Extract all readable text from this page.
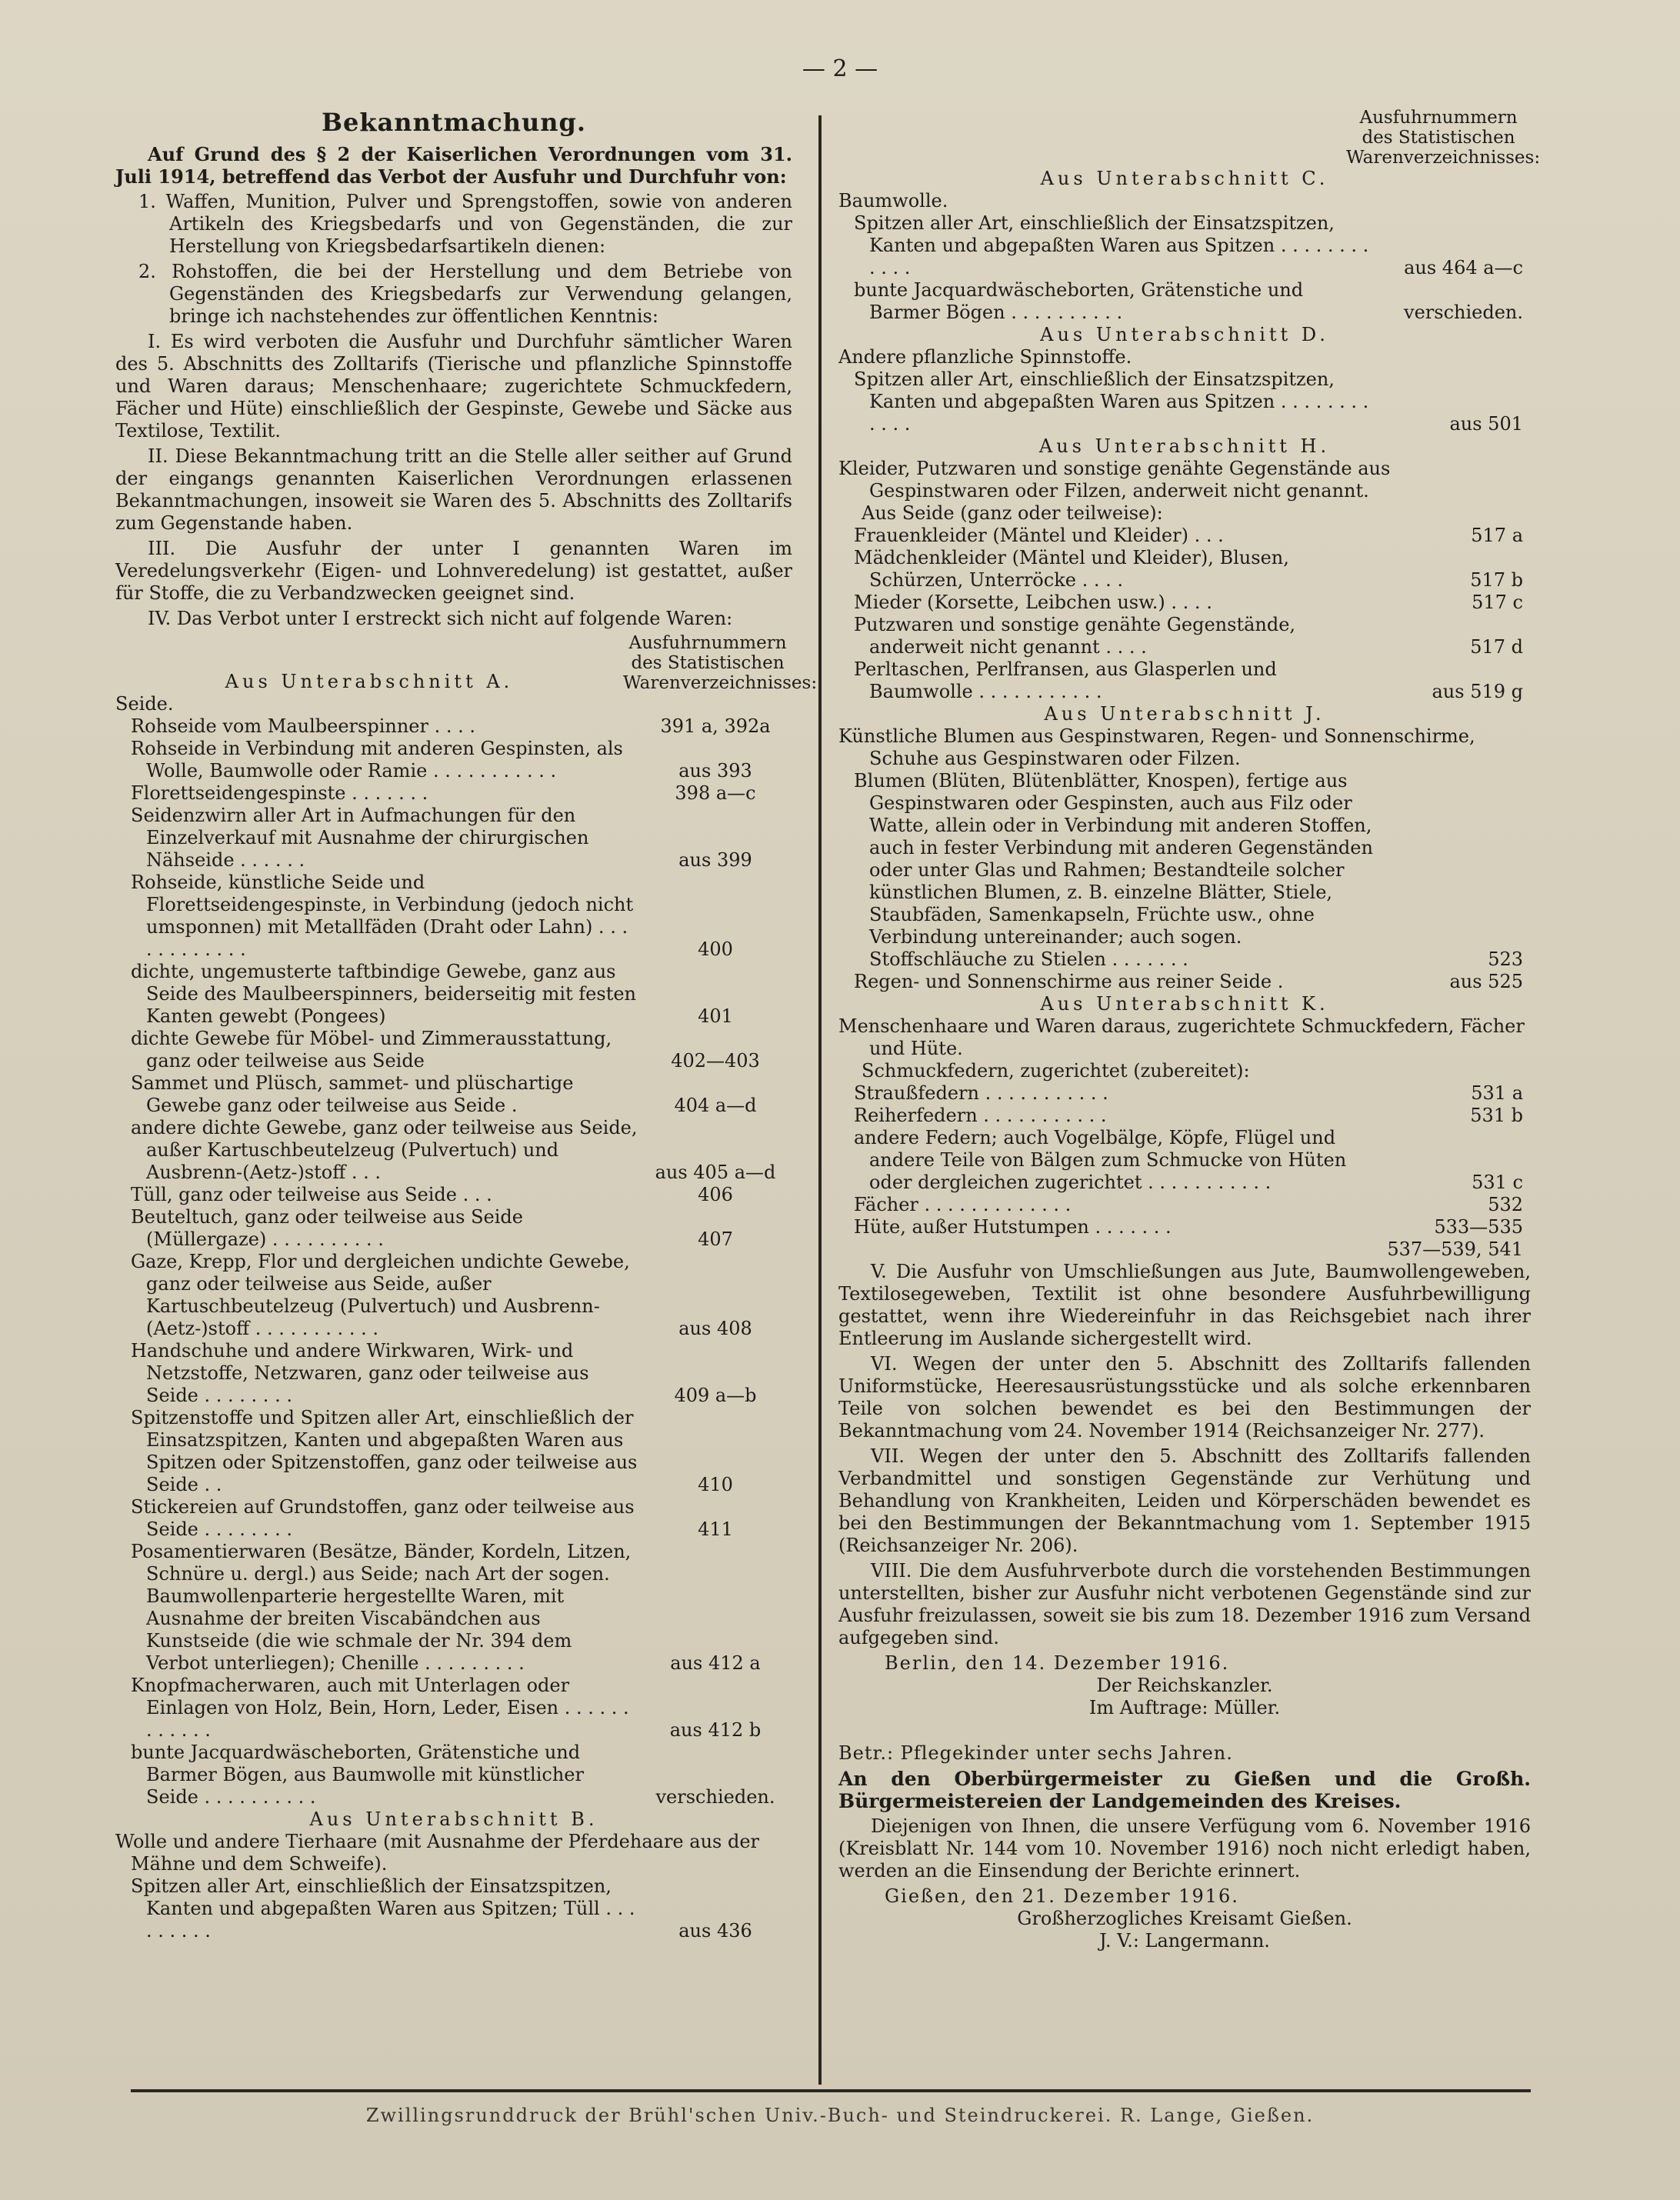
— 2 —
Bekanntmachung.

Auf Grund des § 2 der Kaiserlichen Verordnungen vom 31. Juli 1914, betreffend das Verbot der Ausfuhr und Durchfuhr von:

1. Waffen, Munition, Pulver und Sprengstoffen, sowie von anderen Artikeln des Kriegsbedarfs und von Gegenständen, die zur Herstellung von Kriegsbedarfsartikeln dienen:

2. Rohstoffen, die bei der Herstellung und dem Betriebe von Gegenständen des Kriegsbedarfs zur Verwendung gelangen, bringe ich nachstehendes zur öffentlichen Kenntnis:

I. Es wird verboten die Ausfuhr und Durchfuhr sämtlicher Waren des 5. Abschnitts des Zolltarifs (Tierische und pflanzliche Spinnstoffe und Waren daraus; Menschenhaare; zugerichtete Schmuckfedern, Fächer und Hüte) einschließlich der Gespinste, Gewebe und Säcke aus Textilose, Textilit.

II. Diese Bekanntmachung tritt an die Stelle aller seither auf Grund der eingangs genannten Kaiserlichen Verordnungen erlassenen Bekanntmachungen, insoweit sie Waren des 5. Abschnitts des Zolltarifs zum Gegenstande haben.

III. Die Ausfuhr der unter I genannten Waren im Veredelungsverkehr (Eigen- und Lohnveredelung) ist gestattet, außer für Stoffe, die zu Verbandzwecken geeignet sind.

IV. Das Verbot unter I erstreckt sich nicht auf folgende Waren:

Aus Unterabschnitt A.
Ausfuhrnummern des Statistischen Warenverzeichnisses:
Seide.
Rohseide vom Maulbeerspinner . . . .	391 a, 392a
Rohseide in Verbindung mit anderen Gespinsten, als Wolle, Baumwolle oder Ramie . . . . . . . . . . .	aus 393
Florettseidengespinste . . . . . . .	398 a—c
Seidenzwirn aller Art in Aufmachungen für den Einzelverkauf mit Ausnahme der chirurgischen Nähseide . . . . . .	aus 399
Rohseide, künstliche Seide und Florettseidengespinste, in Verbindung (jedoch nicht umsponnen) mit Metallfäden (Draht oder Lahn) . . . . . . . . . . . .	400
dichte, ungemusterte taftbindige Gewebe, ganz aus Seide des Maulbeerspinners, beiderseitig mit festen Kanten gewebt (Pongees)	401
dichte Gewebe für Möbel- und Zimmerausstattung, ganz oder teilweise aus Seide	402—403
Sammet und Plüsch, sammet- und plüschartige Gewebe ganz oder teilweise aus Seide .	404 a—d
andere dichte Gewebe, ganz oder teilweise aus Seide, außer Kartuschbeutelzeug (Pulvertuch) und Ausbrenn-(Aetz-)stoff . . .	aus 405 a—d
Tüll, ganz oder teilweise aus Seide . . .	406
Beuteltuch, ganz oder teilweise aus Seide (Müllergaze) . . . . . . . . . .	407
Gaze, Krepp, Flor und dergleichen undichte Gewebe, ganz oder teilweise aus Seide, außer Kartuschbeutelzeug (Pulvertuch) und Ausbrenn-(Aetz-)stoff . . . . . . . . . . .	aus 408
Handschuhe und andere Wirkwaren, Wirk- und Netzstoffe, Netzwaren, ganz oder teilweise aus Seide . . . . . . . .	409 a—b
Spitzenstoffe und Spitzen aller Art, einschließlich der Einsatzspitzen, Kanten und abgepaßten Waren aus Spitzen oder Spitzenstoffen, ganz oder teilweise aus Seide . .	410
Stickereien auf Grundstoffen, ganz oder teilweise aus Seide . . . . . . . .	411
Posamentierwaren (Besätze, Bänder, Kordeln, Litzen, Schnüre u. dergl.) aus Seide; nach Art der sogen. Baumwollenparterie hergestellte Waren, mit Ausnahme der breiten Viscabändchen aus Kunstseide (die wie schmale der Nr. 394 dem Verbot unterliegen); Chenille . . . . . . . . .	aus 412 a
Knopfmacherwaren, auch mit Unterlagen oder Einlagen von Holz, Bein, Horn, Leder, Eisen . . . . . . . . . . . .	aus 412 b
bunte Jacquardwäscheborten, Grätenstiche und Barmer Bögen, aus Baumwolle mit künstlicher Seide . . . . . . . . . .	verschieden.
Aus Unterabschnitt B.
Wolle und andere Tierhaare (mit Ausnahme der Pferdehaare aus der Mähne und dem Schweife).
Spitzen aller Art, einschließlich der Einsatzspitzen, Kanten und abgepaßten Waren aus Spitzen; Tüll . . . . . . . . .	aus 436
Ausfuhrnummern des Statistischen Warenverzeichnisses:
Aus Unterabschnitt C.
Baumwolle.
Spitzen aller Art, einschließlich der Einsatzspitzen, Kanten und abgepaßten Waren aus Spitzen . . . . . . . . . . . .	aus 464 a—c
bunte Jacquardwäscheborten, Grätenstiche und Barmer Bögen . . . . . . . . . .	verschieden.
Aus Unterabschnitt D.
Andere pflanzliche Spinnstoffe.
Spitzen aller Art, einschließlich der Einsatzspitzen, Kanten und abgepaßten Waren aus Spitzen . . . . . . . . . . . .	aus 501
Aus Unterabschnitt H.
Kleider, Putzwaren und sonstige genähte Gegenstände aus Gespinstwaren oder Filzen, anderweit nicht genannt.
Aus Seide (ganz oder teilweise):
Frauenkleider (Mäntel und Kleider) . . .	517 a
Mädchenkleider (Mäntel und Kleider), Blusen, Schürzen, Unterröcke . . . .	517 b
Mieder (Korsette, Leibchen usw.) . . . .	517 c
Putzwaren und sonstige genähte Gegenstände, anderweit nicht genannt . . . .	517 d
Perltaschen, Perlfransen, aus Glasperlen und Baumwolle . . . . . . . . . . .	aus 519 g
Aus Unterabschnitt J.
Künstliche Blumen aus Gespinstwaren, Regen- und Sonnenschirme, Schuhe aus Gespinstwaren oder Filzen.
Blumen (Blüten, Blütenblätter, Knospen), fertige aus Gespinstwaren oder Gespinsten, auch aus Filz oder Watte, allein oder in Verbindung mit anderen Stoffen, auch in fester Verbindung mit anderen Gegenständen oder unter Glas und Rahmen; Bestandteile solcher künstlichen Blumen, z. B. einzelne Blätter, Stiele, Staubfäden, Samenkapseln, Früchte usw., ohne Verbindung untereinander; auch sogen. Stoffschläuche zu Stielen . . . . . . .	523
Regen- und Sonnenschirme aus reiner Seide .	aus 525
Aus Unterabschnitt K.
Menschenhaare und Waren daraus, zugerichtete Schmuckfedern, Fächer und Hüte.
Schmuckfedern, zugerichtet (zubereitet):
Straußfedern . . . . . . . . . . .	531 a
Reiherfedern . . . . . . . . . . .	531 b
andere Federn; auch Vogelbälge, Köpfe, Flügel und andere Teile von Bälgen zum Schmucke von Hüten oder dergleichen zugerichtet . . . . . . . . . . .	531 c
Fächer . . . . . . . . . . . . .	532
Hüte, außer Hutstumpen . . . . . . .	533—535
537—539, 541

V. Die Ausfuhr von Umschließungen aus Jute, Baumwollengeweben, Textilosegeweben, Textilit ist ohne besondere Ausfuhrbewilligung gestattet, wenn ihre Wiedereinfuhr in das Reichsgebiet nach ihrer Entleerung im Auslande sichergestellt wird.

VI. Wegen der unter den 5. Abschnitt des Zolltarifs fallenden Uniformstücke, Heeresausrüstungsstücke und als solche erkennbaren Teile von solchen bewendet es bei den Bestimmungen der Bekanntmachung vom 24. November 1914 (Reichsanzeiger Nr. 277).

VII. Wegen der unter den 5. Abschnitt des Zolltarifs fallenden Verbandmittel und sonstigen Gegenstände zur Verhütung und Behandlung von Krankheiten, Leiden und Körperschäden bewendet es bei den Bestimmungen der Bekanntmachung vom 1. September 1915 (Reichsanzeiger Nr. 206).

VIII. Die dem Ausfuhrverbote durch die vorstehenden Bestimmungen unterstellten, bisher zur Ausfuhr nicht verbotenen Gegenstände sind zur Ausfuhr freizulassen, soweit sie bis zum 18. Dezember 1916 zum Versand aufgegeben sind.

Berlin, den 14. Dezember 1916.
Der Reichskanzler.
Im Auftrage: Müller.
Betr.: Pflegekinder unter sechs Jahren.
An den Oberbürgermeister zu Gießen und die Großh. Bürgermeistereien der Landgemeinden des Kreises.

Diejenigen von Ihnen, die unsere Verfügung vom 6. November 1916 (Kreisblatt Nr. 144 vom 10. November 1916) noch nicht erledigt haben, werden an die Einsendung der Berichte erinnert.

Gießen, den 21. Dezember 1916.
Großherzogliches Kreisamt Gießen.
J. V.: Langermann.
Zwillingsrunddruck der Brühl'schen Univ.-Buch- und Steindruckerei. R. Lange, Gießen.
